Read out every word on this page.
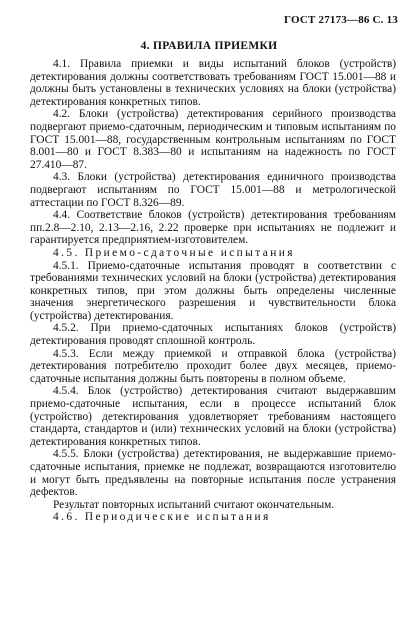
ГОСТ 27173—86 С. 13
4. ПРАВИЛА ПРИЕМКИ

4.1. Правила приемки и виды испытаний блоков (устройств) детектирования должны соответствовать требованиям ГОСТ 15.001—88 и должны быть установлены в технических условиях на блоки (устройства) детектирования конкретных типов.

4.2. Блоки (устройства) детектирования серийного производства подвергают приемо-сдаточным, периодическим и типовым испытаниям по ГОСТ 15.001—88, государственным контрольным испытаниям по ГОСТ 8.001—80 и ГОСТ 8.383—80 и испытаниям на надежность по ГОСТ 27.410—87.

4.3. Блоки (устройства) детектирования единичного производства подвергают испытаниям по ГОСТ 15.001—88 и метрологической аттестации по ГОСТ 8.326—89.

4.4. Соответствие блоков (устройств) детектирования требованиям пп.2.8—2.10, 2.13—2.16, 2.22 проверке при испытаниях не подлежит и гарантируется предприятием-изготовителем.

4.5. Приемо-сдаточные испытания

4.5.1. Приемо-сдаточные испытания проводят в соответствии с требованиями технических условий на блоки (устройства) детектирования конкретных типов, при этом должны быть определены численные значения энергетического разрешения и чувствительности блока (устройства) детектирования.

4.5.2. При приемо-сдаточных испытаниях блоков (устройств) детектирования проводят сплошной контроль.

4.5.3. Если между приемкой и отправкой блока (устройства) детектирования потребителю проходит более двух месяцев, приемо-сдаточные испытания должны быть повторены в полном объеме.

4.5.4. Блок (устройство) детектирования считают выдержавшим приемо-сдаточные испытания, если в процессе испытаний блок (устройство) детектирования удовлетворяет требованиям настоящего стандарта, стандартов и (или) технических условий на блоки (устройства) детектирования конкретных типов.

4.5.5. Блоки (устройства) детектирования, не выдержавшие приемо-сдаточные испытания, приемке не подлежат, возвращаются изготовителю и могут быть предъявлены на повторные испытания после устранения дефектов.

Результат повторных испытаний считают окончательным.

4.6. Периодические испытания
